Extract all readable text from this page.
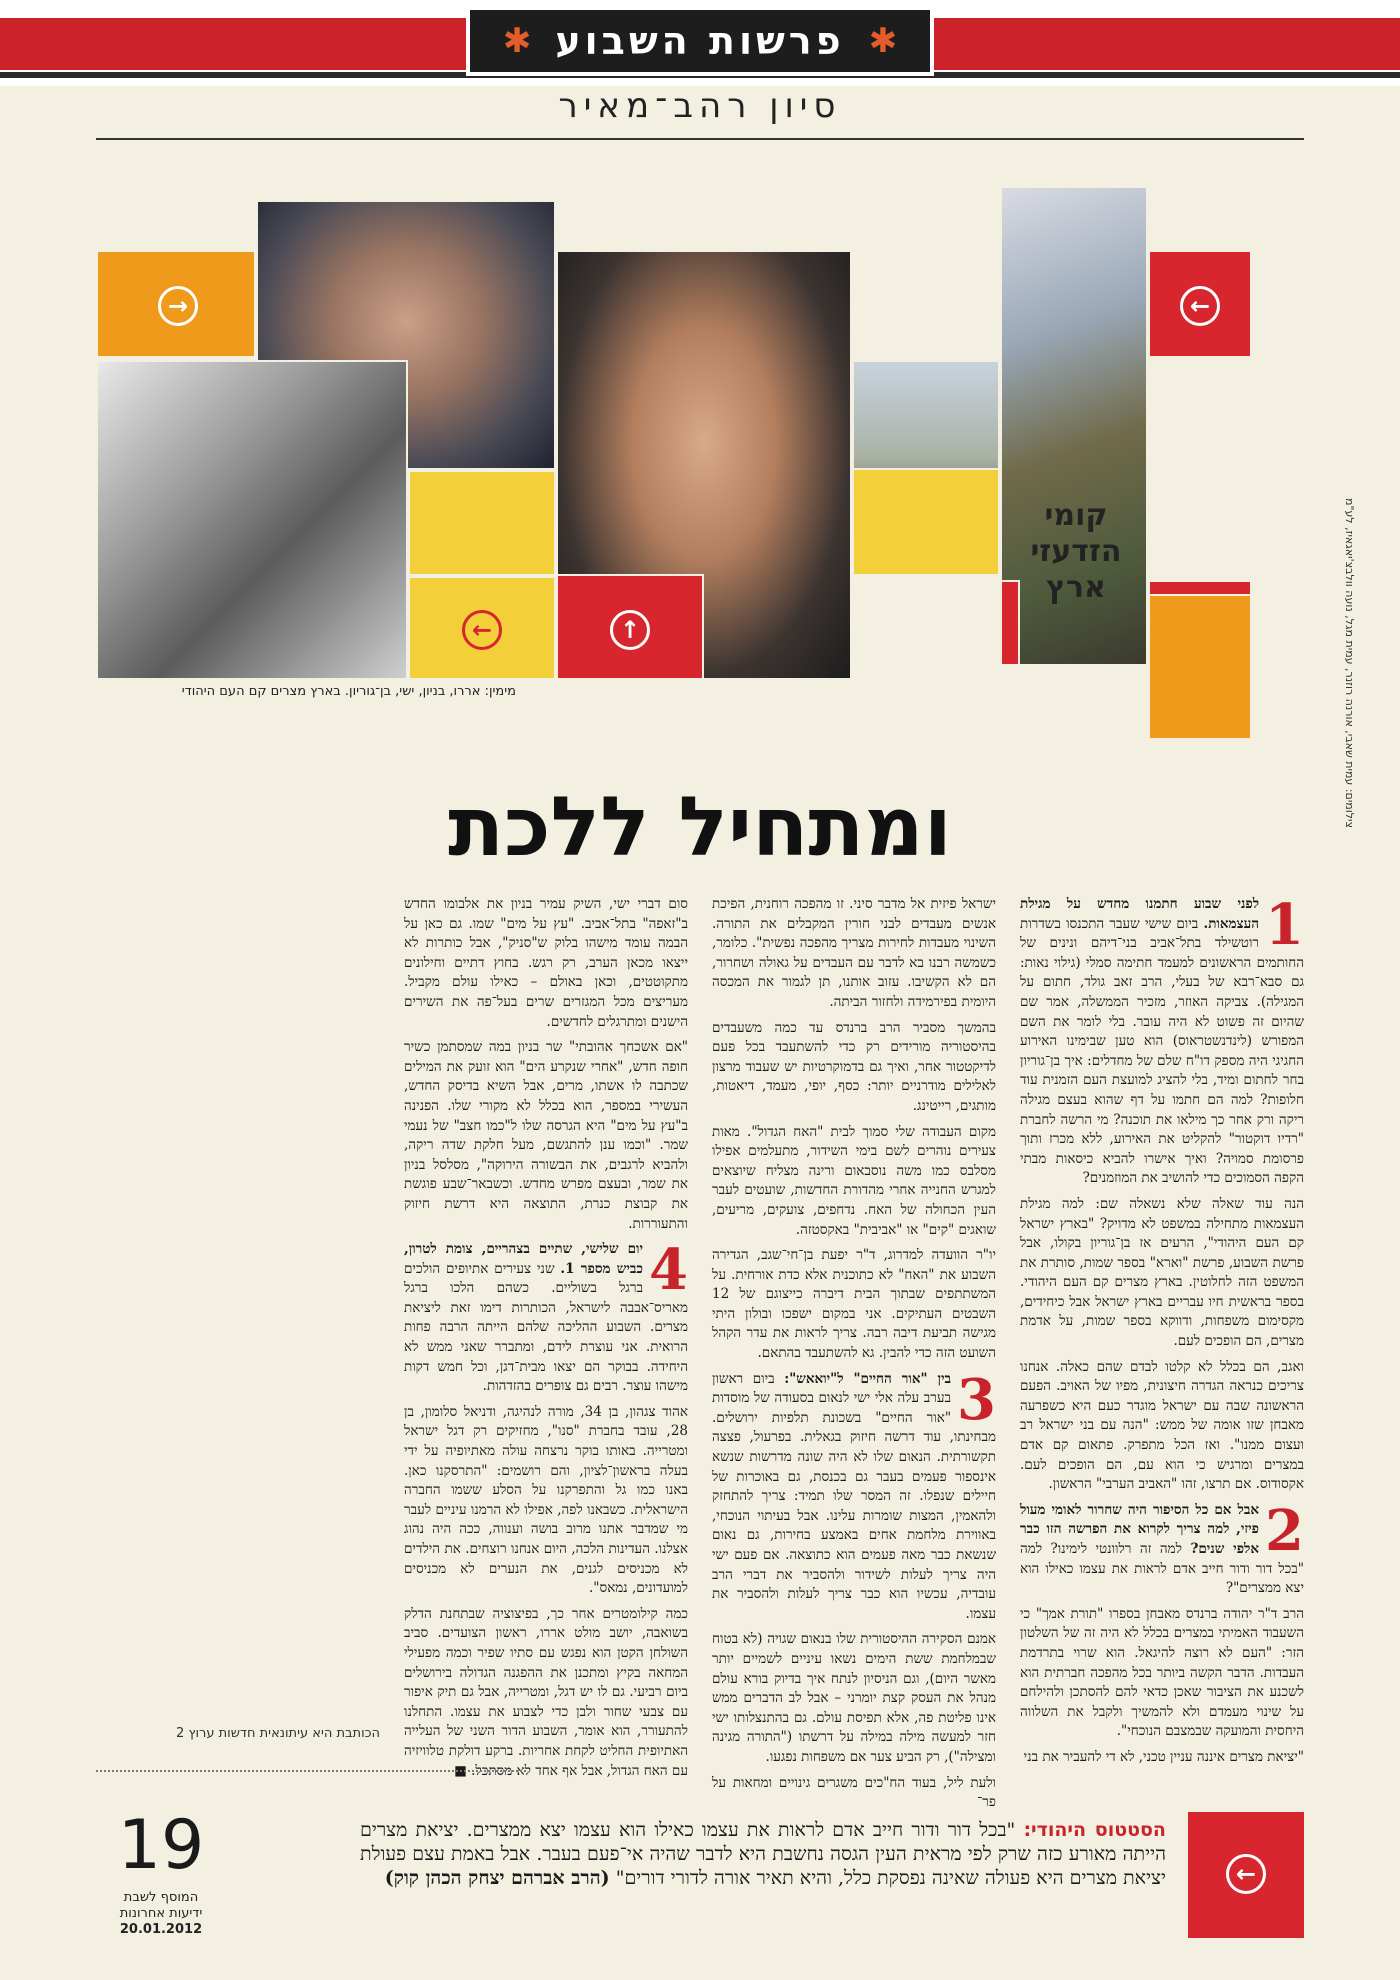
✱ פרשות השבוע ✱
סיון רהב־מאיר
←
קומי הזדעזי ארץ
↑
←
→
צילומים: עמית שאבי, אורנה רוזנר, עמית מגל, נועה וולבצ'יאגאיז, לע"מ
מימין: אררו, בניון, ישי, בן־גוריון. בארץ מצרים קם העם היהודי
ומתחיל ללכת

1
לפני שבוע חתמנו מחדש על מגילת העצמאות. ביום שישי שעבר התכנסו בשדרות רוטשילד בתל־אביב בני־דיהם ונינים של החותמים הראשונים למעמד חתימה סמלי (גילוי נאות: גם סבא־רבא של בעלי, הרב זאב גולד, חתום על המגילה). צביקה האוזר, מזכיר הממשלה, אמר שם שהיום זה פשוט לא היה עובר. בלי לומר את השם המפורש (לינדנשטראוס) הוא טען שבימינו האירוע החגיגי היה מספק דו"ח שלם של מחדלים: איך בן־גוריון בחר לחתום ומיד, בלי להציג למועצת העם הזמנית עוד חלופות? למה הם חתמו על דף שהוא בעצם מגילה ריקה ורק אחר כך מילאו את תוכנה? מי הרשה לחברת "רדיו דוקטור" להקליט את האירוע, ללא מכרז ותוך פרסומת סמויה? ואיך אישרו להביא כיסאות מבתי הקפה הסמוכים כדי להושיב את המוזמנים?

הנה עוד שאלה שלא נשאלה שם: למה מגילת העצמאות מתחילה במשפט לא מדויק? "בארץ ישראל קם העם היהודי", הרעים אז בן־גוריון בקולו, אבל פרשת השבוע, פרשת "וארא" בספר שמות, סותרת את המשפט הזה לחלוטין. בארץ מצרים קם העם היהודי. בספר בראשית חיו עבריים בארץ ישראל אבל כיחידים, מקסימום משפחות, ודווקא בספר שמות, על אדמת מצרים, הם הופכים לעם.

ואגב, הם בכלל לא קלטו לבדם שהם כאלה. אנחנו צריכים כנראה הגדרה חיצונית, מפיו של האויב. הפעם הראשונה שבה עם ישראל מוגדר כעם היא כשפרעה מאבחן שזו אומה של ממש: "הנה עם בני ישראל רב ועצום ממנו". ואז הכל מתפרק. פתאום קם אדם במצרים ומרגיש כי הוא עם, הם הופכים לעם. אקסודוס. אם תרצו, זהו "האביב הערבי" הראשון.

2
אבל אם כל הסיפור היה שחרור לאומי מעול פיזי, למה צריך לקרוא את הפרשה הזו כבר אלפי שנים? למה זה רלוונטי לימינו? למה "בכל דור ודור חייב אדם לראות את עצמו כאילו הוא יצא ממצרים"?

הרב ד"ר יהודה ברנדס מאבחן בספרו "תורת אמך" כי השעבוד האמיתי במצרים בכלל לא היה זה של השלטון הזר: "העם לא רוצה להיגאל. הוא שרוי בתרדמת העבדות. הדבר הקשה ביותר בכל מהפכה חברתית הוא לשכנע את הציבור שאכן כדאי להם להסתכן ולהילחם על שינוי מעמדם ולא להמשיך ולקבל את השלווה היחסית והמועקה שבמצבם הנוכחי".

"יציאת מצרים איננה עניין טכני, לא די להעביר את בני

ישראל פיזית אל מדבר סיני. זו מהפכה רוחנית, הפיכת אנשים מעבדים לבני חורין המקבלים את התורה. השינוי מעבדות לחירות מצריך מהפכה נפשית". כלומר, כשמשה רבנו בא לדבר עם העבדים על גאולה ושחרור, הם לא הקשיבו. עזוב אותנו, תן לגמור את המכסה היומית בפירמידה ולחזור הביתה.

בהמשך מסביר הרב ברנדס עד כמה משעבדים בהיסטוריה מורידים רק כדי להשתעבד בכל פעם לדיקטטור אחר, ואיך גם בדמוקרטיות יש שעבוד מרצון לאלילים מודרניים יותר: כסף, יופי, מעמד, דיאטות, מותגים, רייטינג.

מקום העבודה שלי סמוך לבית "האח הגדול". מאות צעירים נוהרים לשם בימי השידור, מתעלמים אפילו מסלבס כמו משה נוסבאום ורינה מצליח שיוצאים למגרש החנייה אחרי מהדורת החדשות, שועטים לעבר העין הכחולה של האח. נדחפים, צועקים, מריעים, שואגים "קים" או "אביבית" באקסטזה.

יו"ר הוועדה למדרוג, ד"ר יפעת בן־חי־שגב, הגדירה השבוע את "האח" לא כתוכנית אלא כדת אורחית. על המשתתפים שבתוך הבית דיברה כייצוגם של 12 השבטים העתיקים. אני במקום ישפכו ובולון היתי מגישה תביעת דיבה רבה. צריך לראות את עדר הקהל השועט הזה כדי להבין. גא להשתעבד בהתאם.

3
בין "אור החיים" ל"יואאש": ביום ראשון בערב עלה אלי ישי לנאום בסעודה של מוסדות "אור החיים" בשכונת תלפיות ירושלים. מבחינתו, עוד דרשה חיזוק בגאלית. בפרעול, פצצה תקשורתית. הנאום שלו לא היה שונה מדרשות שנשא אינספור פעמים בעבר גם בכנסת, גם באוכרות של חיילים שנפלו. זה המסר שלו תמיד: צריך להתחזק ולהאמין, המצות שומרות עלינו. אבל בעיתוי הנוכחי, באווירת מלחמת אחים באמצע בחירות, גם נאום שנשאת כבר מאה פעמים הוא כתוצאה. אם פעם ישי היה צריך לעלות לשידור ולהסביר את דברי הרב עובדיה, עכשיו הוא כבר צריך לעלות ולהסביר את עצמו.

אמנם הסקירה ההיסטורית שלו בנאום שגויה (לא בטוח שבמלחמת ששת הימים נשאו עיניים לשמיים יותר מאשר היום), וגם הניסיון לנתח איך בדיוק בורא עולם מנהל את העסק קצת יומרני – אבל לב הדברים ממש אינו פליטת פה, אלא תפיסת עולם. גם בהתנצלותו ישי חזר למעשה מילה במילה על דרשתו ("התורה מגינה ומצילה"), רק הביע צער אם משפחות נפגעו.

ולעת ליל, בעוד הח"כים משגרים גינויים ומחאות על פר־

סום דברי ישי, השיק עמיר בניון את אלבומו החדש ב"זאפה" בתל־אביב. "עץ על מים" שמו. גם כאן על הבמה עומד מישהו בלוק ש"סניק", אבל כותרות לא ייצאו מכאן הערב, רק רגש. בחוץ דתיים וחילונים מתקוטטים, וכאן באולם – כאילו עולם מקביל. מעריצים מכל המגזרים שרים בעל־פה את השירים הישנים ומתרגלים לחדשים.

"אם אשכחך אהובתי" שר בניון במה שמסתמן כשיר חופה חדש, "אחרי שנקרע הים" הוא זועק את המילים שכתבה לו אשתו, מרים, אבל השיא בדיסק החדש, העשירי במספר, הוא בכלל לא מקורי שלו. הפנינה ב"עץ על מים" היא הגרסה שלו ל"כמו חצב" של נעמי שמר. "וכמו ענן להתגשם, מעל חלקת שדה ריקה, ולהביא לרגבים, את הבשורה הירוקה", מסלסל בניון את שמר, ובעצם מפרש מחדש. וכשבאר־שבע פוגשת את קבוצת כנרת, התוצאה היא דרשת חיזוק והתעוררות.

4
יום שלישי, שתיים בצהריים, צומת לטרון, כביש מספר 1. שני צעירים אתיופים הולכים ברגל בשוליים. כשהם הלכו ברגל מאריס־אבבה לישראל, הכותרות דימו זאת ליציאת מצרים. השבוע ההליכה שלהם הייתה הרבה פחות הרואית. אני עוצרת לידם, ומתברר שאני ממש לא היחידה. בבוקר הם יצאו מבית־דגן, וכל חמש דקות מישהו עוצר. רבים גם צופרים בהזדהות.

אהוד צגהון, בן 34, מורה לנהיגה, ודניאל סלומון, בן 28, עובד בחברת "סנו", מחזיקים רק דגל ישראל ומטרייה. באותו בוקר נרצחה עולה מאתיופיה על ידי בעלה בראשון־לציון, והם רושמים: "התרסקנו כאן. באנו כמו גל והתפרקנו על הסלע ששמו החברה הישראלית. כשבאנו לפה, אפילו לא הרמנו עיניים לעבר מי שמדבר אתנו מרוב בושה וענווה, ככה היה נהוג אצלנו. העדינות הלכה, היום אנחנו רוצחים. את הילדים לא מכניסים לגנים, את הנערים לא מכניסים למועדונים, נמאס".

כמה קילומטרים אחר כך, בפיצוציה שבתחנת הדלק בשואבה, יושב מולט אררו, ראשון הצועדים. סביב השולחן הקטן הוא נפגש עם סתיו שפיר וכמה מפעילי המחאה בקיץ ומתכנן את ההפגנה הגדולה בירושלים ביום רביעי. גם לו יש דגל, ומטרייה, אבל גם תיק איפור עם צבעי שחור ולבן כדי לצבוע את עצמו. התחלנו להתעורר, הוא אומר, השבוע הדור השני של העלייה האתיופית החליט לקחת אחריות. ברקע דולקת טלוויזיה עם האח הגדול, אבל אף אחד לא מסתכל. ■

הכותבת היא עיתונאית חדשות ערוץ 2
19
המוסף לשבת
ידיעות אחרונות
20.01.2012
הסטטוס היהודי: "בכל דור ודור חייב אדם לראות את עצמו כאילו הוא עצמו יצא ממצרים. יציאת מצרים הייתה מאורע כזה שרק לפי מראית העין הגסה נחשבת היא לדבר שהיה אי־פעם בעבר. אבל באמת עצם פעולת יציאת מצרים היא פעולה שאינה נפסקת כלל, והיא תאיר אורה לדורי דורים" (הרב אברהם יצחק הכהן קוק)	←
